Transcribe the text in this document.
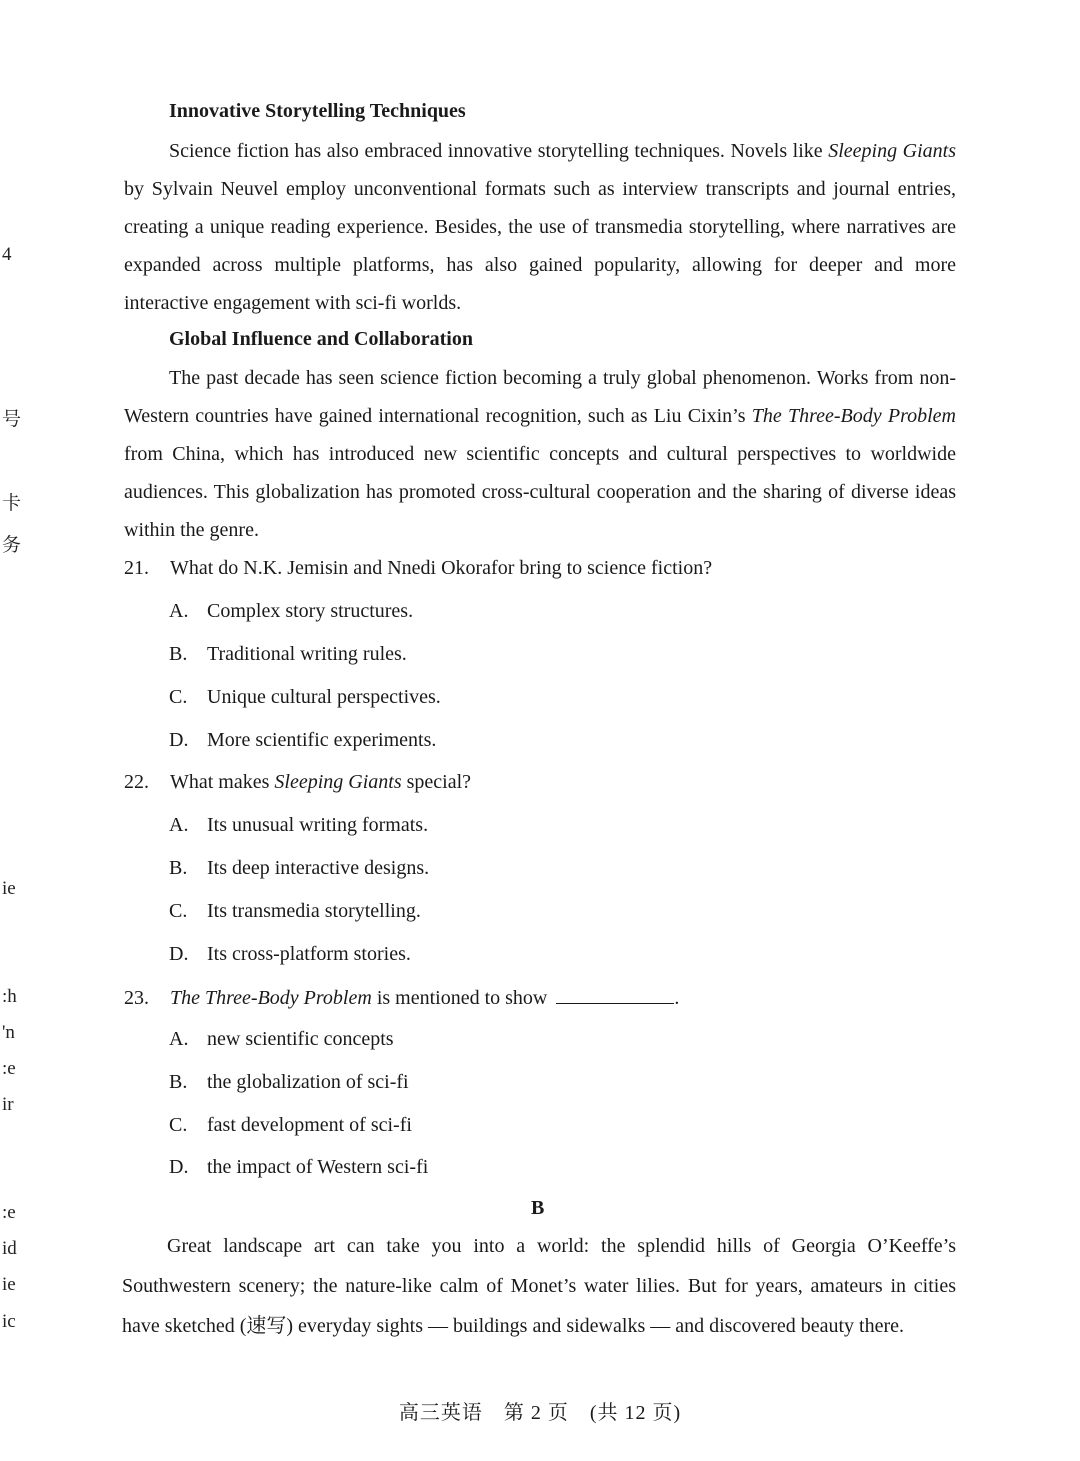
4
号
卡
务
ie
:h
'n
:e
ir
:e
id
ie
ic
Innovative Storytelling Techniques

Science fiction has also embraced innovative storytelling techniques. Novels like Sleeping Giants by Sylvain Neuvel employ unconventional formats such as interview transcripts and journal entries, creating a unique reading experience. Besides, the use of transmedia storytelling, where narratives are expanded across multiple platforms, has also gained popularity, allowing for deeper and more interactive engagement with sci-fi worlds.

Global Influence and Collaboration

The past decade has seen science fiction becoming a truly global phenomenon. Works from non-Western countries have gained international recognition, such as Liu Cixin’s The Three-Body Problem from China, which has introduced new scientific concepts and cultural perspectives to worldwide audiences. This globalization has promoted cross-cultural cooperation and the sharing of diverse ideas within the genre.

21. What do N.K. Jemisin and Nnedi Okorafor bring to science fiction?
A. Complex story structures.
B. Traditional writing rules.
C. Unique cultural perspectives.
D. More scientific experiments.
22. What makes Sleeping Giants special?
A. Its unusual writing formats.
B. Its deep interactive designs.
C. Its transmedia storytelling.
D. Its cross-platform stories.
23. The Three-Body Problem is mentioned to show	.
A. new scientific concepts
B. the globalization of sci-fi
C. fast development of sci-fi
D. the impact of Western sci-fi
B

Great landscape art can take you into a world: the splendid hills of Georgia O’Keeffe’s Southwestern scenery; the nature-like calm of Monet’s water lilies. But for years, amateurs in cities have sketched (速写) everyday sights — buildings and sidewalks — and discovered beauty there.

高三英语　第 2 页　(共 12 页)
